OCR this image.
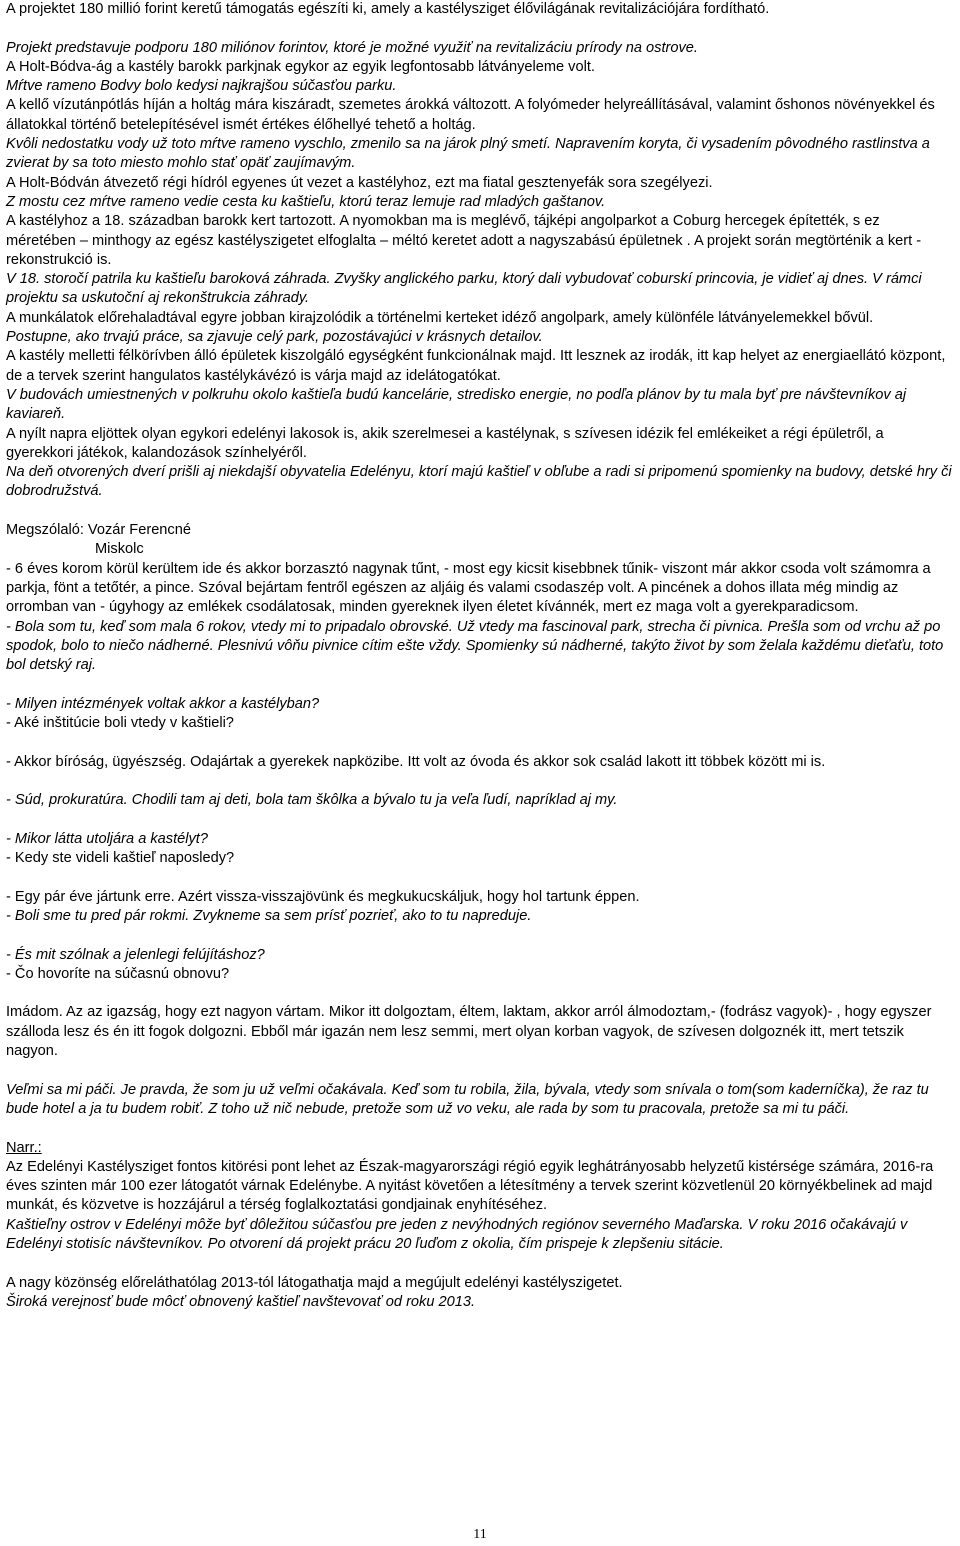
A projektet 180 millió forint keretű támogatás egészíti ki, amely a kastélysziget élővilágának revitalizációjára fordítható.
Projekt predstavuje podporu 180 miliónov forintov, ktoré je možné využiť na revitalizáciu prírody na ostrove.
A Holt-Bódva-ág a kastély barokk parkjnak egykor az egyik legfontosabb látványeleme volt.
Mŕtve rameno Bodvy bolo kedysi najkrajšou súčasťou parku.
A kellő vízutánpótlás híján a holtág mára kiszáradt, szemetes árokká változott. A folyómeder helyreállításával, valamint őshonos növényekkel és állatokkal történő betelepítésével ismét értékes élőhellyé tehető a holtág.
Kvôli nedostatku vody už toto mŕtve rameno vyschlo, zmenilo sa na járok plný smetí. Napravením koryta, či vysadením pôvodného rastlinstva a zvierat by sa toto miesto mohlo stať opäť zaujímavým.
A Holt-Bódván átvezető régi hídról egyenes út vezet a kastélyhoz, ezt ma fiatal gesztenyefák sora szegélyezi.
Z mostu cez mŕtve rameno vedie cesta ku kaštieľu, ktorú teraz lemuje rad mladých gaštanov.
A kastélyhoz a 18. században barokk kert tartozott. A nyomokban ma is meglévő, tájképi angolparkot a Coburg hercegek építették, s ez méretében – minthogy az egész kastélyszigetet elfoglalta – méltó keretet adott a nagyszabású épületnek . A projekt során megtörténik a kert -rekonstrukció is.
V 18. storočí patrila ku kaštieľu baroková záhrada. Zvyšky anglického parku, ktorý dali vybudovať coburskí princovia, je vidieť aj dnes. V rámci projektu sa uskutoční aj rekonštrukcia záhrady.
A munkálatok előrehaladtával egyre jobban kirajzolódik a történelmi kerteket idéző angolpark, amely különféle látványelemekkel bővül.
Postupne, ako trvajú práce, sa zjavuje celý park, pozostávajúci v krásnych detailov.
A kastély melletti félkörívben álló épületek kiszolgáló egységként funkcionálnak majd. Itt lesznek az irodák, itt kap helyet az energiaellátó központ, de a tervek szerint hangulatos kastélykávézó is várja majd az idelátogatókat.
V budovách umiestnených v polkruhu okolo kaštieľa budú kancelárie, stredisko energie, no podľa plánov by tu mala byť pre návštevníkov aj kaviareň.
A nyílt napra eljöttek olyan egykori edelényi lakosok is, akik szerelmesei a kastélynak, s szívesen idézik fel emlékeiket a régi épületről, a gyerekkori játékok, kalandozások színhelyéről.
Na deň otvorených dverí prišli aj niekdajší obyvatelia Edelényu, ktorí majú kaštieľ v obľube a radi si pripomenú spomienky na budovy, detské hry či dobrodružstvá.
Megszólaló: Vozár Ferencné
Miskolc
- 6 éves korom körül kerültem ide és akkor borzasztó nagynak tűnt, - most egy kicsit kisebbnek tűnik- viszont már akkor csoda volt számomra a parkja, fönt a tetőtér, a pince. Szóval bejártam fentről egészen az aljáig és valami csodaszép volt. A pincének a dohos illata még mindig az orromban van - úgyhogy az emlékek csodálatosak, minden gyereknek ilyen életet kívánnék, mert ez maga volt a gyerekparadicsom.
- Bola som tu, keď som mala 6 rokov, vtedy mi to pripadalo obrovské. Už vtedy ma fascinoval park, strecha či pivnica. Prešla som od vrchu až po spodok, bolo to niečo nádherné. Plesnivú vôňu pivnice cítim ešte vždy. Spomienky sú nádherné, takýto život by som želala každému dieťaťu, toto bol detský raj.
- Milyen intézmények voltak akkor a kastélyban?
- Aké inštitúcie boli vtedy v kaštieli?
- Akkor bíróság, ügyészség. Odajártak a gyerekek napközibe. Itt volt az óvoda és akkor sok család lakott itt többek között mi is.
- Súd, prokuratúra. Chodili tam aj deti, bola tam škôlka a bývalo tu ja veľa ľudí, napríklad aj my.
- Mikor látta utoljára a kastélyt?
- Kedy ste videli kaštieľ naposledy?
- Egy pár éve jártunk erre. Azért vissza-visszajövünk és megkukucskáljuk, hogy hol tartunk éppen.
- Boli sme tu pred pár rokmi. Zvykneme sa sem prísť pozrieť, ako to tu napreduje.
- És mit szólnak a jelenlegi felújításhoz?
- Čo hovoríte na súčasnú obnovu?
Imádom. Az az igazság, hogy ezt nagyon vártam. Mikor itt dolgoztam, éltem, laktam, akkor arról álmodoztam,- (fodrász vagyok)- , hogy egyszer szálloda lesz és én itt fogok dolgozni. Ebből már igazán nem lesz semmi, mert olyan korban vagyok, de szívesen dolgoznék itt, mert tetszik nagyon.
Veľmi sa mi páči. Je pravda, že som ju už veľmi očakávala. Keď som tu robila, žila, bývala, vtedy som snívala o tom(som kaderníčka), že raz tu bude hotel a ja tu budem robiť. Z toho už nič nebude, pretože som už vo veku, ale rada by som tu pracovala, pretože sa mi tu páči.
Narr.:
Az Edelényi Kastélysziget fontos kitörési pont lehet az Észak-magyarországi régió egyik leghátrányosabb helyzetű kistérsége számára, 2016-ra éves szinten már 100 ezer látogatót várnak Edelénybe. A nyitást követően a létesítmény a tervek szerint közvetlenül 20 környékbelinek ad majd munkát, és közvetve is hozzájárul a térség foglalkoztatási gondjainak enyhítéséhez.
Kaštieľny ostrov v Edelényi môže byť dôležitou súčasťou pre jeden z nevýhodných regiónov severného Maďarska. V roku 2016 očakávajú v Edelényi stotisíc návštevníkov. Po otvorení dá projekt prácu 20 ľuďom z okolia, čím prispeje k zlepšeniu sitácie.
A nagy közönség előreláthatólag 2013-tól látogathatja majd a megújult edelényi kastélyszigetet.
Široká verejnosť bude môcť obnovený kaštieľ navštevovať od roku 2013.
11
